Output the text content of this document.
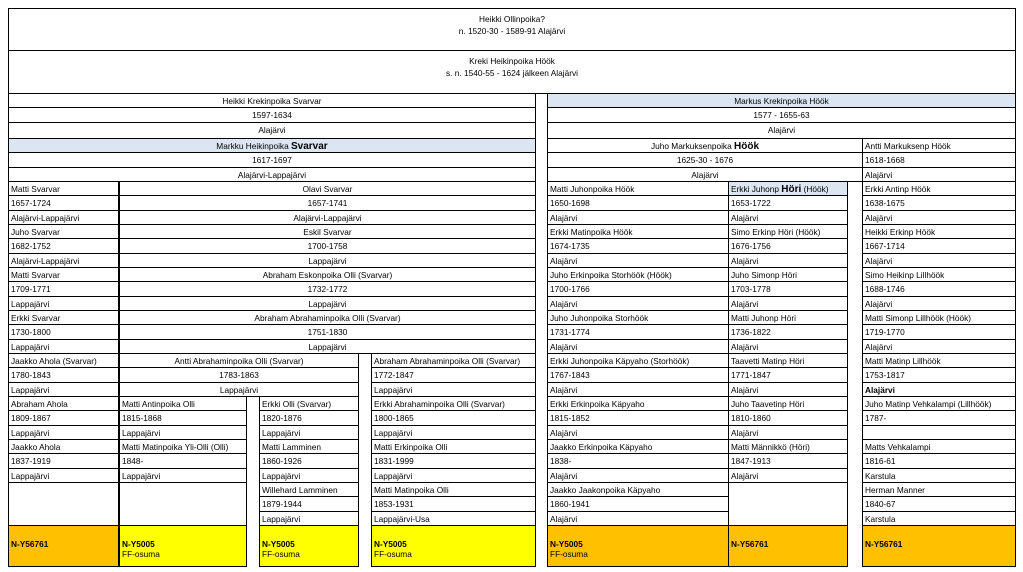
Heikki Ollinpoika?
n. 1520-30 - 1589-91 Alajärvi
Kreki Heikinpoika Höök
s. n. 1540-55 - 1624 jälkeen Alajärvi
Heikki Krekinpoika Svarvar
1597-1634
Alajärvi
Markku Heikinpoika Svarvar
1617-1697
Alajärvi-Lappajärvi
Markus Krekinpoika Höök
1577 - 1655-63
Alajärvi
Juho Markuksenpoika Höök
1625-30 - 1676
Alajärvi
Antti Markuksenp Höök
1618-1668
Alajärvi
Matti Svarvar
1657-1724
Alajärvi-Lappajärvi
Juho Svarvar
1682-1752
Alajärvi-Lappajärvi
Matti Svarvar
1709-1771
Lappajärvi
Erkki Svarvar
1730-1800
Lappajärvi
Jaakko Ahola (Svarvar)
1780-1843
Lappajärvi
Abraham Ahola
1809-1867
Lappajärvi
Jaakko Ahola
1837-1919
Lappajärvi
Olavi Svarvar
1657-1741
Alajärvi-Lappajärvi
Eskil Svarvar
1700-1758
Lappajärvi
Abraham Eskonpoika Olli (Svarvar)
1732-1772
Lappajärvi
Abraham Abrahaminpoika Olli (Svarvar)
1751-1830
Lappajärvi
Antti Abrahaminpoika Olli (Svarvar)
1783-1863
Lappajärvi
Matti Antinpoika Olli
1815-1868
Lappajärvi
Matti Matinpoika Yli-Olli (Olli)
1848-
Lappajärvi
Erkki Olli (Svarvar)
1820-1876
Lappajärvi
Matti Lamminen
1860-1926
Lappajärvi
Willehard Lamminen
1879-1944
Lappajärvi
Abraham Abrahaminpoika Olli (Svarvar)
1772-1847
Lappajärvi
Erkki Abrahaminpoika Olli (Svarvar)
1800-1865
Lappajärvi
Matti Erkinpoika Olli
1831-1999
Lappajärvi
Matti Matinpoika Olli
1853-1931
Lappajärvi-Usa
Matti Juhonpoika Höök
1650-1698
Alajärvi
Erkki Matinpoika Höök
1674-1735
Alajärvi
Juho Erkinpoika Storhöök (Höök)
1700-1766
Alajärvi
Juho Juhonpoika Storhöök
1731-1774
Alajärvi
Erkki Juhonpoika Käpyaho (Storhöök)
1767-1843
Alajärvi
Erkki Erkinpoika Käpyaho
1815-1852
Alajärvi
Jaakko Erkinpoika Käpyaho
1838-
Alajärvi
Jaakko Jaakonpoika Käpyaho
1860-1941
Alajärvi
Erkki Juhonp Höri (Höök)
1653-1722
Alajärvi
Simo Erkinp Höri (Höök)
1676-1756
Alajärvi
Juho Simonp Höri
1703-1778
Alajärvi
Matti Juhonp Höri
1736-1822
Alajärvi
Taavetti Matinp Höri
1771-1847
Alajärvi
Juho Taavetinp Höri
1810-1860
Alajärvi
Matti Männikkö (Höri)
1847-1913
Alajärvi
Erkki Antinp Höök
1638-1675
Alajärvi
Heikki Erkinp Höök
1667-1714
Alajärvi
Simo Heikinp Lillhöök
1688-1746
Alajärvi
Matti Simonp Lillhöök (Höök)
1719-1770
Alajärvi
Matti Matinp Lillhöök
1753-1817
Alajärvi
Juho Matinp Vehkalampi (Lillhöök)
1787-
Matts Vehkalampi
1816-61
Karstula
Herman Manner
1840-67
Karstula
N-Y56761	N-Y5005
FF-osuma
N-Y5005
FF-osuma
N-Y5005
FF-osuma
N-Y5005
FF-osuma
N-Y56761	N-Y56761
